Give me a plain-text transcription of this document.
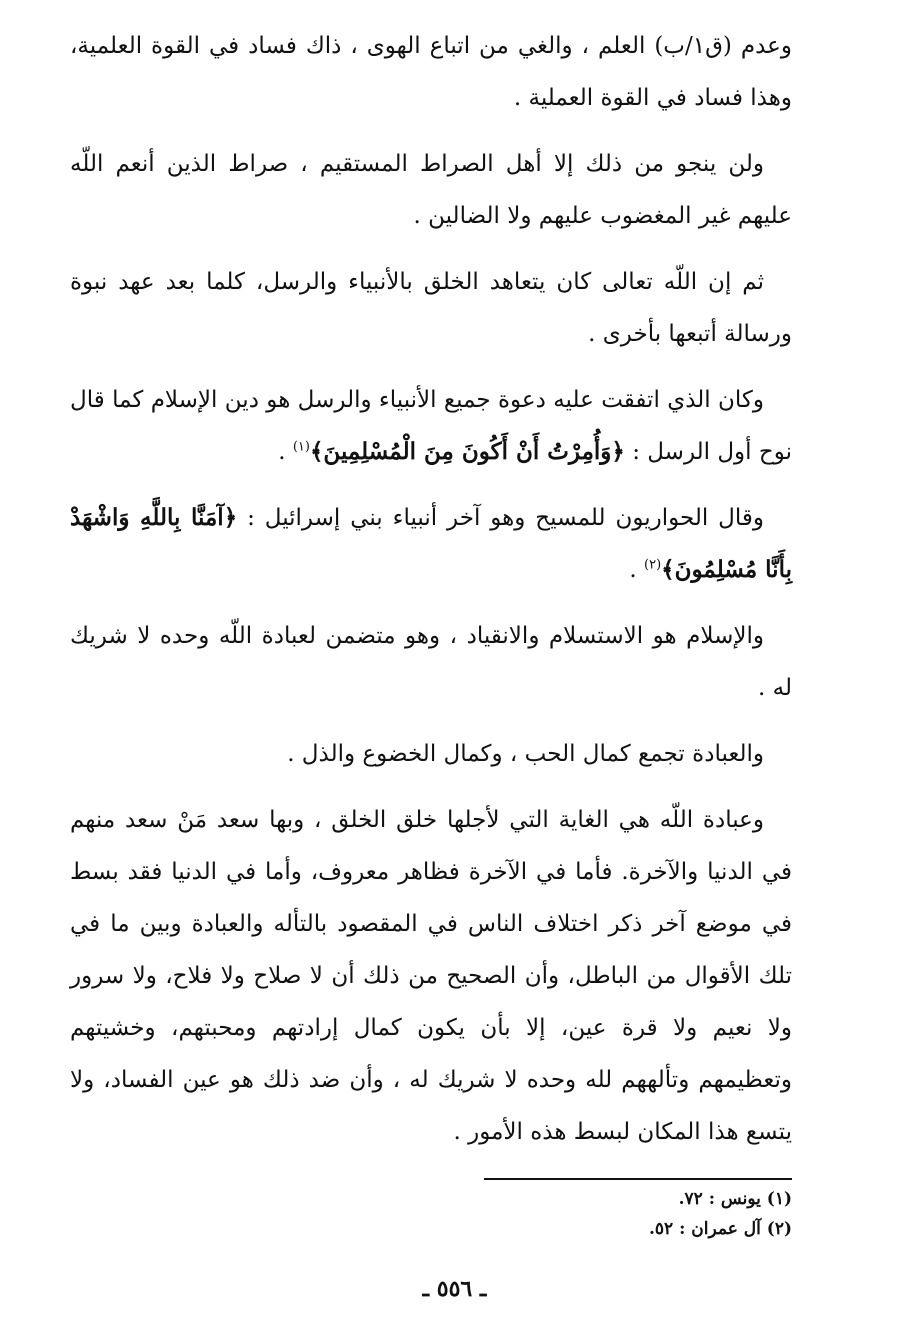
وعدم (ق١/ب) العلم ، والغي من اتباع الهوى ، ذاك فساد في القوة العلمية، وهذا فساد في القوة العملية .

ولن ينجو من ذلك إلا أهل الصراط المستقيم ، صراط الذين أنعم اللّه عليهم غير المغضوب عليهم ولا الضالين .

ثم إن اللّه تعالى كان يتعاهد الخلق بالأنبياء والرسل، كلما بعد عهد نبوة ورسالة أتبعها بأخرى .

وكان الذي اتفقت عليه دعوة جميع الأنبياء والرسل هو دين الإسلام كما قال نوح أول الرسل : ﴿وَأُمِرْتُ أَنْ أَكُونَ مِنَ الْمُسْلِمِينَ﴾$^{(١)}$ .

وقال الحواريون للمسيح وهو آخر أنبياء بني إسرائيل : ﴿آمَنَّا بِاللَّهِ وَاشْهَدْ بِأَنَّا مُسْلِمُونَ﴾$^{(٢)}$ .

والإسلام هو الاستسلام والانقياد ، وهو متضمن لعبادة اللّه وحده لا شريك له .

والعبادة تجمع كمال الحب ، وكمال الخضوع والذل .

وعبادة اللّه هي الغاية التي لأجلها خلق الخلق ، وبها سعد مَنْ سعد منهم في الدنيا والآخرة. فأما في الآخرة فظاهر معروف، وأما في الدنيا فقد بسط في موضع آخر ذكر اختلاف الناس في المقصود بالتأله والعبادة وبين ما في تلك الأقوال من الباطل، وأن الصحيح من ذلك أن لا صلاح ولا فلاح، ولا سرور ولا نعيم ولا قرة عين، إلا بأن يكون كمال إرادتهم ومحبتهم، وخشيتهم وتعظيمهم وتألههم لله وحده لا شريك له ، وأن ضد ذلك هو عين الفساد، ولا يتسع هذا المكان لبسط هذه الأمور .

(١) يونس : ٧٢.
(٢) آل عمران : ٥٢.
ـ ٥٥٦ ـ
